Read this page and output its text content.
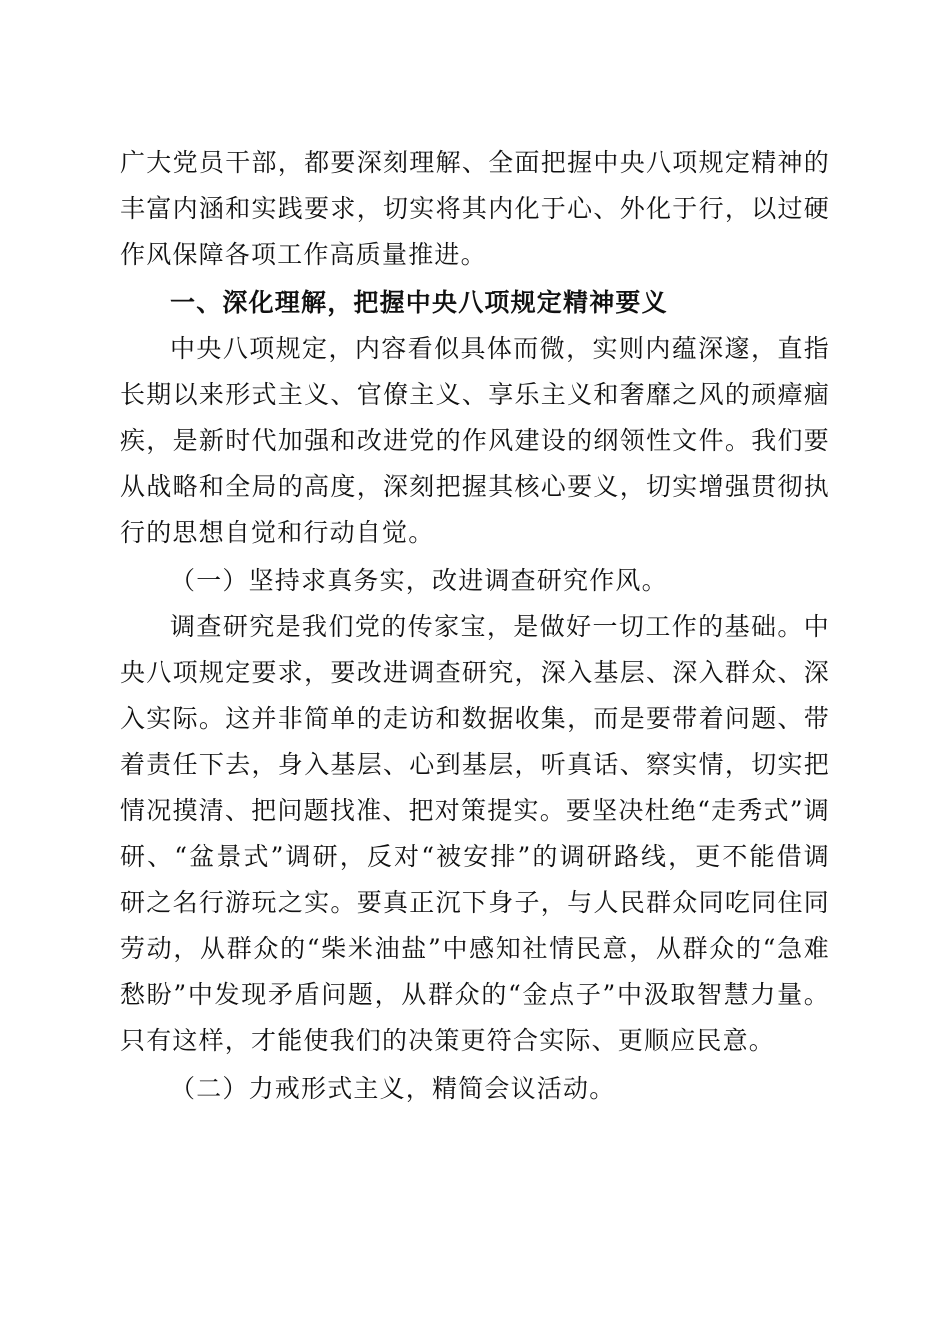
广大党员干部，都要深刻理解、全面把握中央八项规定精神的丰富内涵和实践要求，切实将其内化于心、外化于行，以过硬作风保障各项工作高质量推进。

一、深化理解，把握中央八项规定精神要义

中央八项规定，内容看似具体而微，实则内蕴深邃，直指长期以来形式主义、官僚主义、享乐主义和奢靡之风的顽瘴痼疾，是新时代加强和改进党的作风建设的纲领性文件。我们要从战略和全局的高度，深刻把握其核心要义，切实增强贯彻执行的思想自觉和行动自觉。

（一）坚持求真务实，改进调查研究作风。

调查研究是我们党的传家宝，是做好一切工作的基础。中央八项规定要求，要改进调查研究，深入基层、深入群众、深入实际。这并非简单的走访和数据收集，而是要带着问题、带着责任下去，身入基层、心到基层，听真话、察实情，切实把情况摸清、把问题找准、把对策提实。要坚决杜绝“走秀式”调研、“盆景式”调研，反对“被安排”的调研路线，更不能借调研之名行游玩之实。要真正沉下身子，与人民群众同吃同住同劳动，从群众的“柴米油盐”中感知社情民意，从群众的“急难愁盼”中发现矛盾问题，从群众的“金点子”中汲取智慧力量。只有这样，才能使我们的决策更符合实际、更顺应民意。

（二）力戒形式主义，精简会议活动。
